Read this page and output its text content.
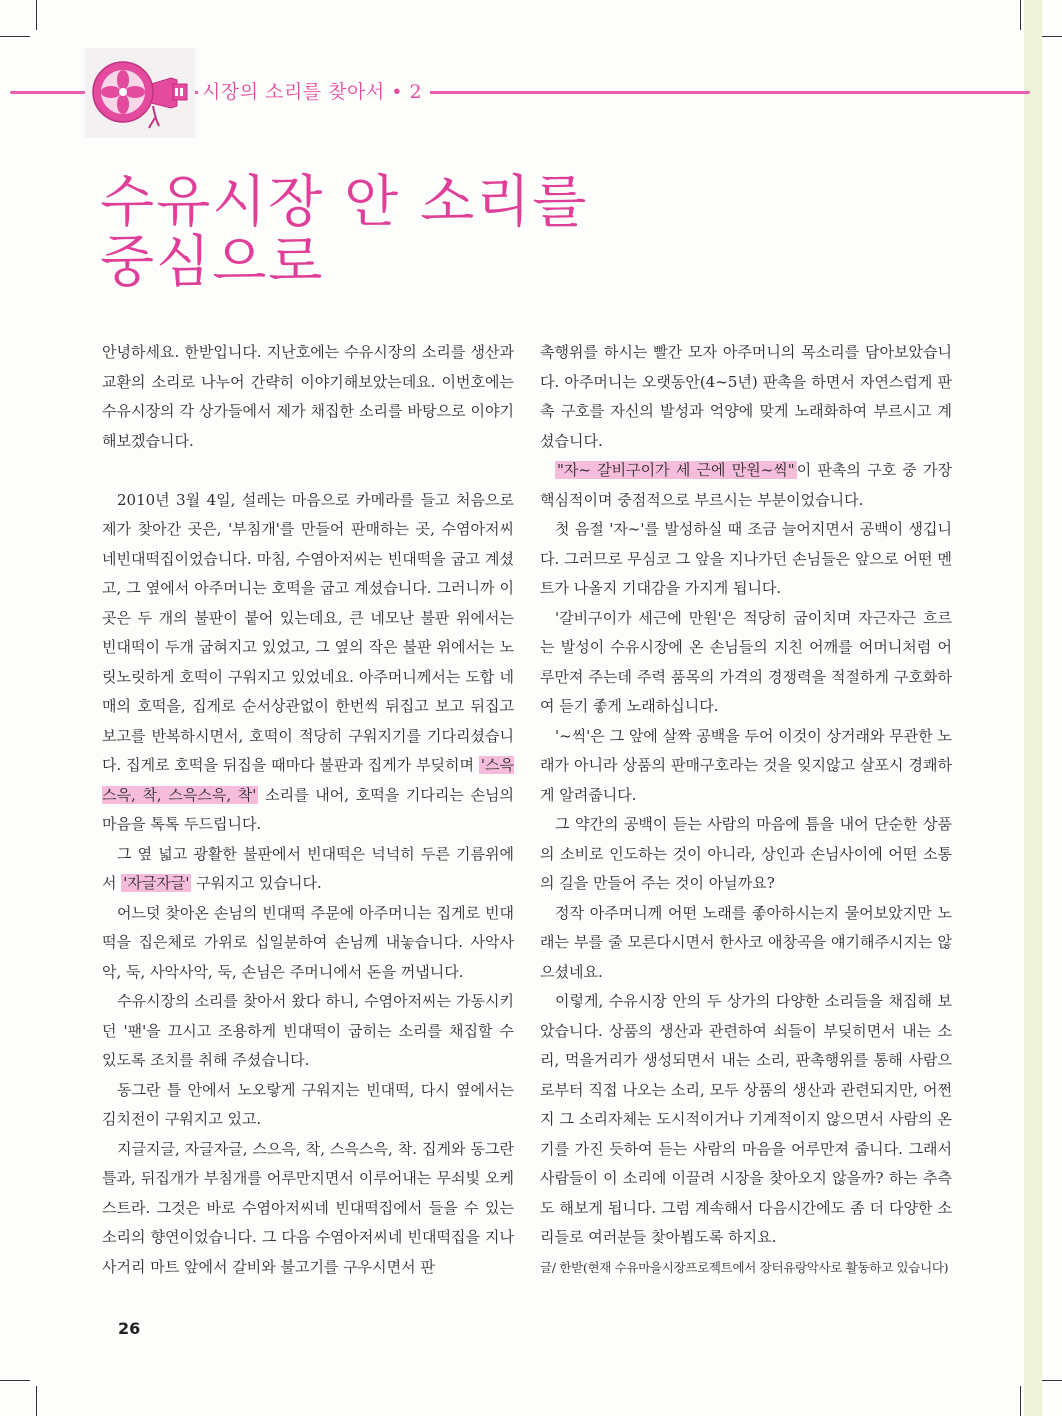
시장의 소리를 찾아서 • 2
수유시장 안 소리를
중심으로

안녕하세요. 한받입니다. 지난호에는 수유시장의 소리를 생산과 교환의 소리로 나누어 간략히 이야기해보았는데요. 이번호에는 수유시장의 각 상가들에서 제가 채집한 소리를 바탕으로 이야기해보겠습니다.

2010년 3월 4일, 설레는 마음으로 카메라를 들고 처음으로 제가 찾아간 곳은, '부침개'를 만들어 판매하는 곳, 수염아저씨네빈대떡집이었습니다. 마침, 수염아저씨는 빈대떡을 굽고 계셨고, 그 옆에서 아주머니는 호떡을 굽고 계셨습니다. 그러니까 이 곳은 두 개의 불판이 붙어 있는데요, 큰 네모난 불판 위에서는 빈대떡이 두개 굽혀지고 있었고, 그 옆의 작은 불판 위에서는 노릿노릿하게 호떡이 구워지고 있었네요. 아주머니께서는 도합 네 매의 호떡을, 집게로 순서상관없이 한번씩 뒤집고 보고 뒤집고 보고를 반복하시면서, 호떡이 적당히 구워지기를 기다리셨습니다. 집게로 호떡을 뒤집을 때마다 불판과 집게가 부딪히며 '스윽스윽, 착, 스윽스윽, 착' 소리를 내어, 호떡을 기다리는 손님의 마음을 톡톡 두드립니다.

그 옆 넓고 광활한 불판에서 빈대떡은 넉넉히 두른 기름위에서 '자글자글' 구워지고 있습니다.

어느덧 찾아온 손님의 빈대떡 주문에 아주머니는 집게로 빈대떡을 집은체로 가위로 십일분하여 손님께 내놓습니다. 사악사악, 둑, 사악사악, 둑, 손님은 주머니에서 돈을 꺼냅니다.

수유시장의 소리를 찾아서 왔다 하니, 수염아저씨는 가동시키던 '팬'을 끄시고 조용하게 빈대떡이 굽히는 소리를 채집할 수 있도록 조치를 취해 주셨습니다.

동그란 틀 안에서 노오랗게 구워지는 빈대떡, 다시 옆에서는 김치전이 구워지고 있고.

지글지글, 자글자글, 스으윽, 착, 스윽스윽, 착. 집게와 동그란 틀과, 뒤집개가 부침개를 어루만지면서 이루어내는 무쇠빛 오케스트라. 그것은 바로 수염아저씨네 빈대떡집에서 들을 수 있는 소리의 향연이었습니다. 그 다음 수염아저씨네 빈대떡집을 지나 사거리 마트 앞에서 갈비와 불고기를 구우시면서 판

촉행위를 하시는 빨간 모자 아주머니의 목소리를 담아보았습니다. 아주머니는 오랫동안(4~5년) 판촉을 하면서 자연스럽게 판촉 구호를 자신의 발성과 억양에 맞게 노래화하여 부르시고 계셨습니다.

"자~ 갈비구이가 세 근에 만원~씩" 이 판촉의 구호 중 가장 핵심적이며 중점적으로 부르시는 부분이었습니다.

첫 음절 '자~'를 발성하실 때 조금 늘어지면서 공백이 생깁니다. 그러므로 무심코 그 앞을 지나가던 손님들은 앞으로 어떤 멘트가 나올지 기대감을 가지게 됩니다.

'갈비구이가 세근에 만원'은 적당히 굽이치며 자근자근 흐르는 발성이 수유시장에 온 손님들의 지친 어깨를 어머니처럼 어루만져 주는데 주력 품목의 가격의 경쟁력을 적절하게 구호화하여 듣기 좋게 노래하십니다.

'~씩'은 그 앞에 살짝 공백을 두어 이것이 상거래와 무관한 노래가 아니라 상품의 판매구호라는 것을 잊지않고 살포시 경쾌하게 알려줍니다.

그 약간의 공백이 듣는 사람의 마음에 틈을 내어 단순한 상품의 소비로 인도하는 것이 아니라, 상인과 손님사이에 어떤 소통의 길을 만들어 주는 것이 아닐까요?

정작 아주머니께 어떤 노래를 좋아하시는지 물어보았지만 노래는 부를 줄 모른다시면서 한사코 애창곡을 얘기해주시지는 않으셨네요.

이렇게, 수유시장 안의 두 상가의 다양한 소리들을 채집해 보았습니다. 상품의 생산과 관련하여 쇠들이 부딪히면서 내는 소리, 먹을거리가 생성되면서 내는 소리, 판촉행위를 통해 사람으로부터 직접 나오는 소리, 모두 상품의 생산과 관련되지만, 어쩐지 그 소리자체는 도시적이거나 기계적이지 않으면서 사람의 온기를 가진 듯하여 듣는 사람의 마음을 어루만져 줍니다. 그래서 사람들이 이 소리에 이끌려 시장을 찾아오지 않을까? 하는 추측도 해보게 됩니다. 그럼 계속해서 다음시간에도 좀 더 다양한 소리들로 여러분들 찾아뵙도록 하지요.

글/ 한받(현재 수유마을시장프로젝트에서 장터유랑악사로 활동하고 있습니다)

26
